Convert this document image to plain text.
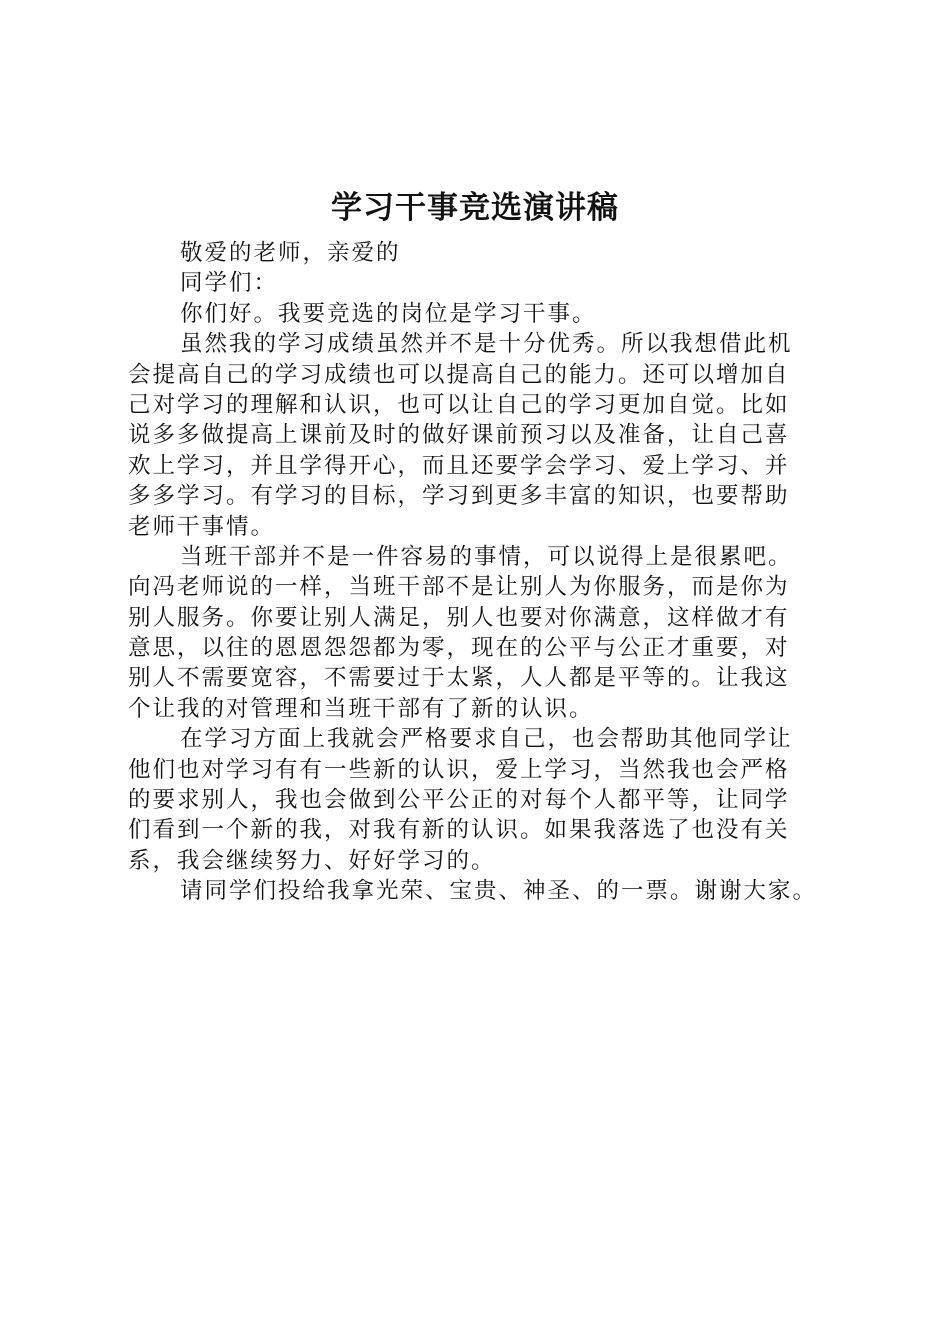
学习干事竞选演讲稿
敬爱的老师，亲爱的
同学们：
你们好。我要竞选的岗位是学习干事。
虽然我的学习成绩虽然并不是十分优秀。所以我想借此机
会提高自己的学习成绩也可以提高自己的能力。还可以增加自
己对学习的理解和认识，也可以让自己的学习更加自觉。比如
说多多做提高上课前及时的做好课前预习以及准备，让自己喜
欢上学习，并且学得开心，而且还要学会学习、爱上学习、并
多多学习。有学习的目标，学习到更多丰富的知识，也要帮助
老师干事情。
当班干部并不是一件容易的事情，可以说得上是很累吧。
向冯老师说的一样，当班干部不是让别人为你服务，而是你为
别人服务。你要让别人满足，别人也要对你满意，这样做才有
意思，以往的恩恩怨怨都为零，现在的公平与公正才重要，对
别人不需要宽容，不需要过于太紧，人人都是平等的。让我这
个让我的对管理和当班干部有了新的认识。
在学习方面上我就会严格要求自己，也会帮助其他同学让
他们也对学习有有一些新的认识，爱上学习，当然我也会严格
的要求别人，我也会做到公平公正的对每个人都平等，让同学
们看到一个新的我，对我有新的认识。如果我落选了也没有关
系，我会继续努力、好好学习的。
请同学们投给我拿光荣、宝贵、神圣、的一票。谢谢大家。
